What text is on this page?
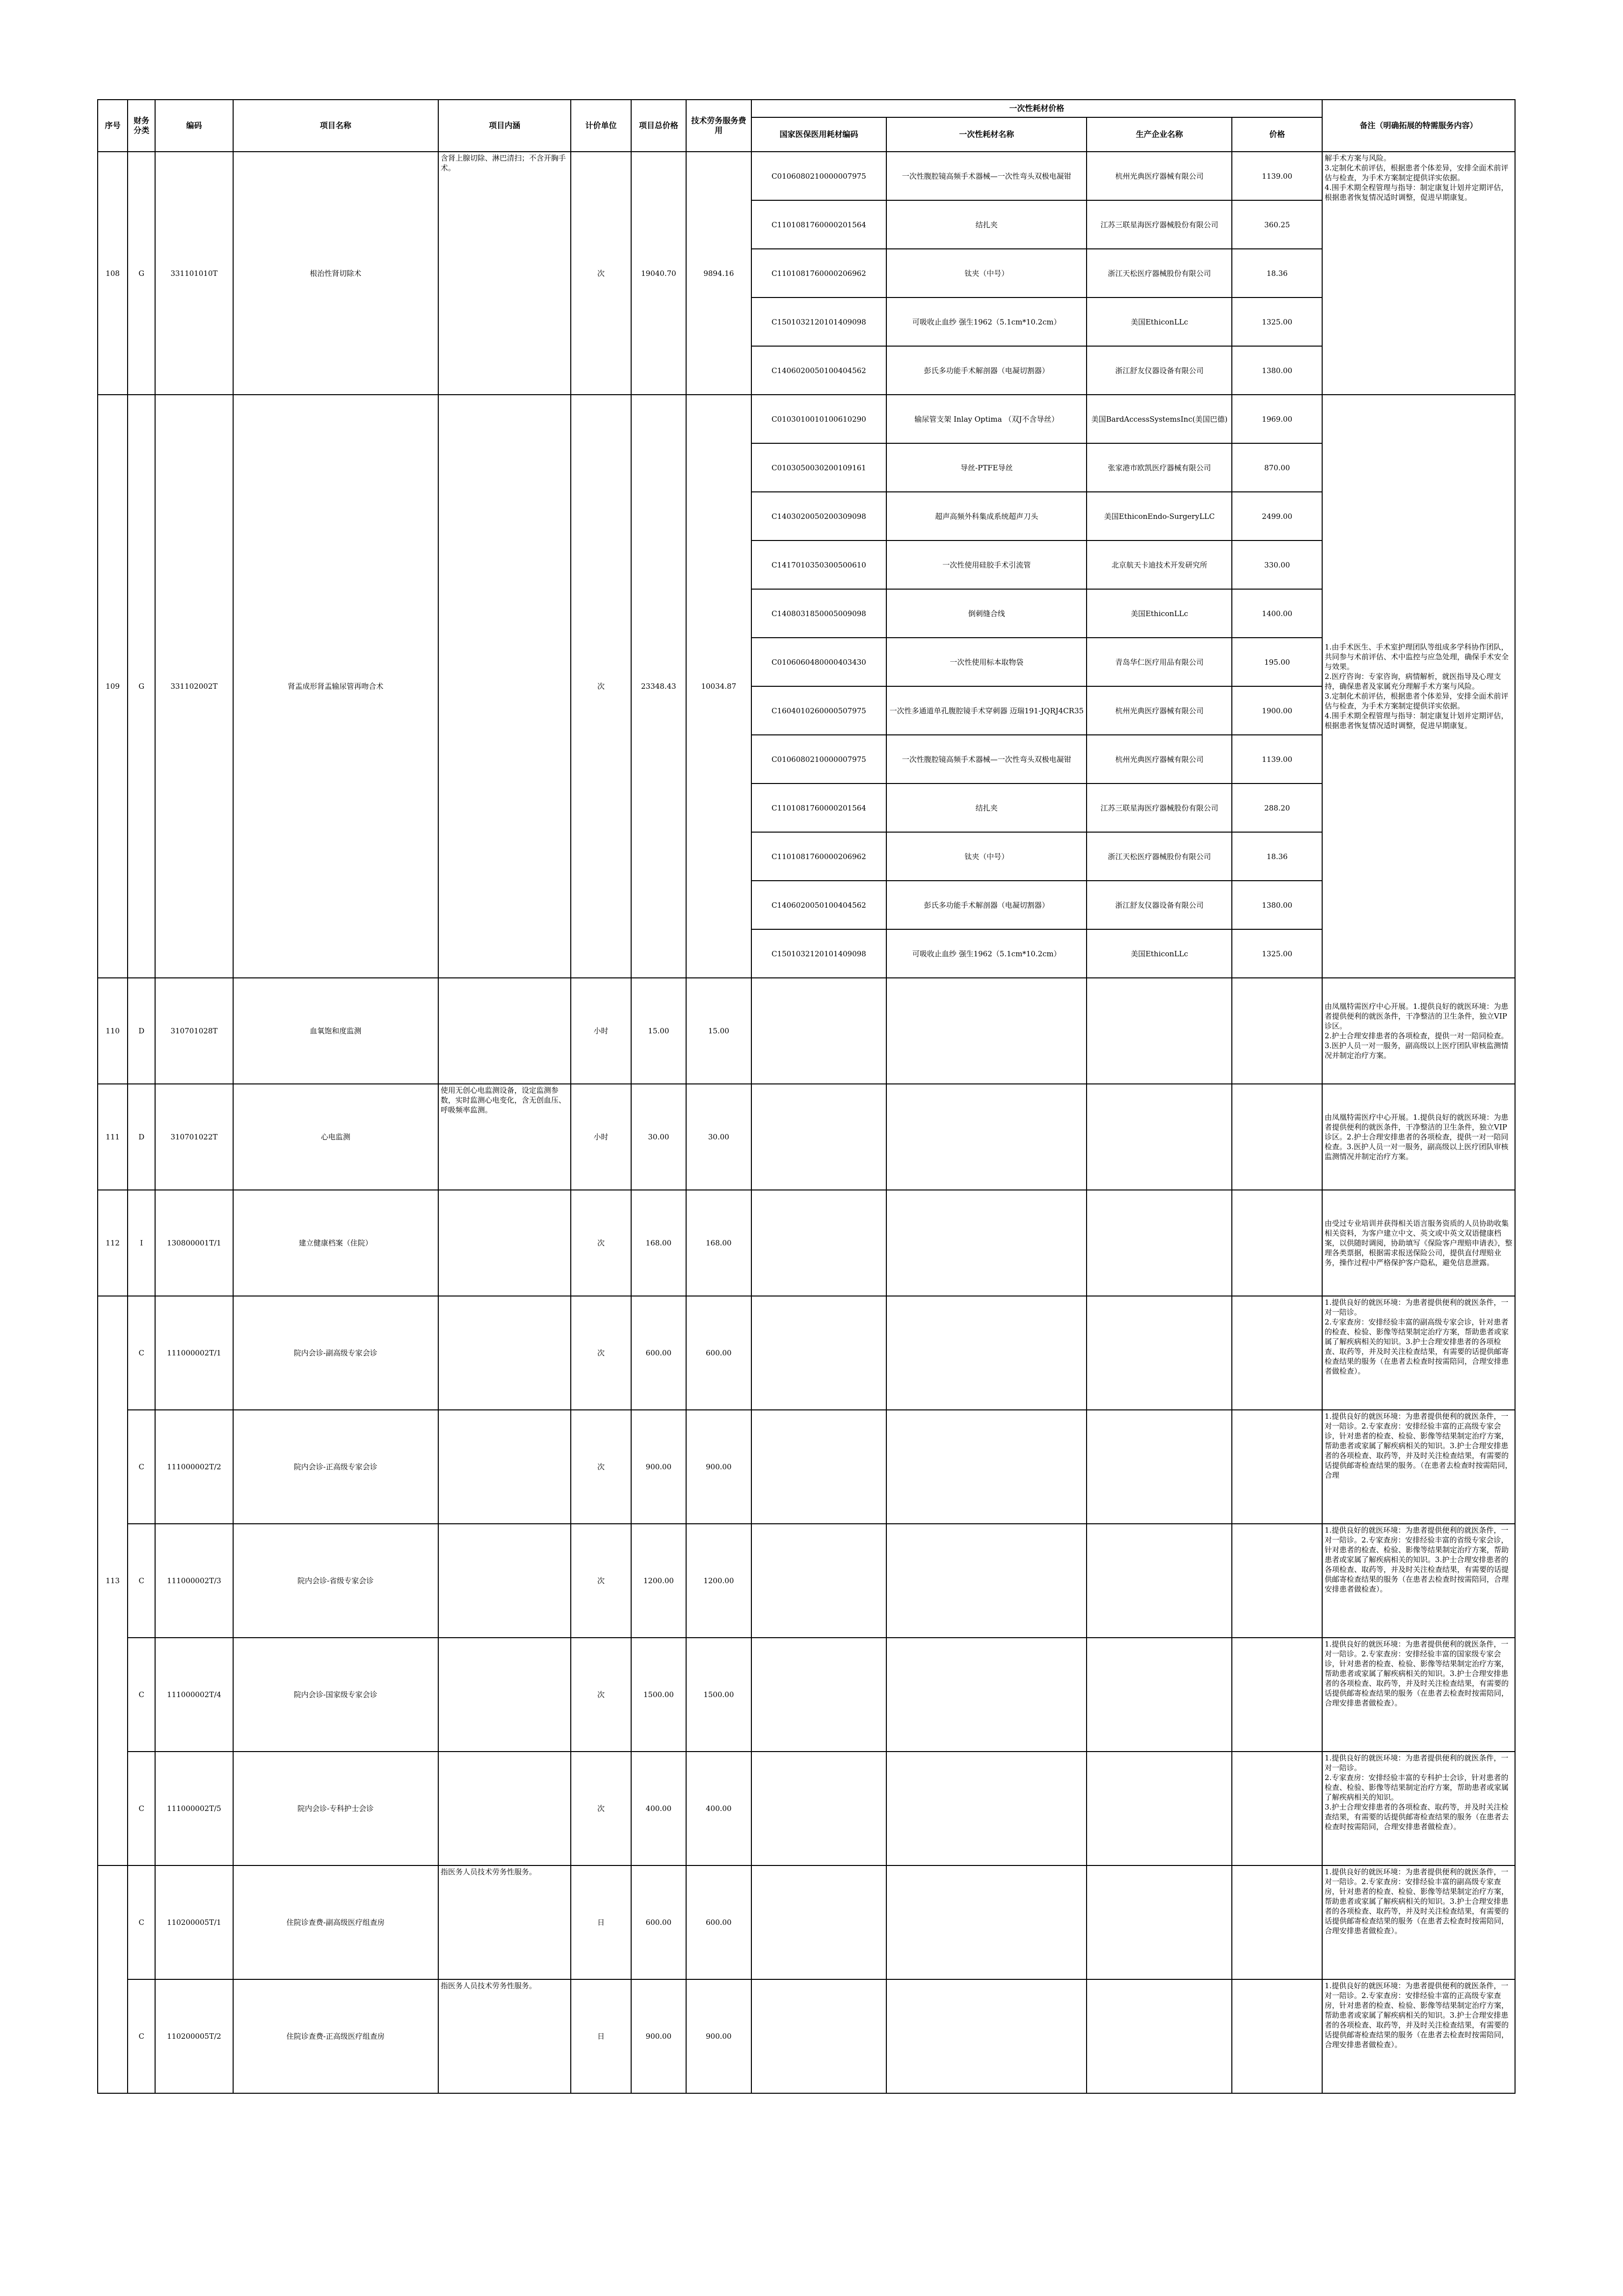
序号	财务分类	编码	项目名称	项目内涵	计价单位	项目总价格	技术劳务服务费用	一次性耗材价格				备注（明确拓展的特需服务内容）
								国家医保医用耗材编码	一次性耗材名称	生产企业名称	价格	
108	G	331101010T	根治性肾切除术	含肾上腺切除、淋巴清扫；不含开胸手术。	次	19040.70	9894.16	C0106080210000007975	一次性腹腔镜高频手术器械—一次性弯头双极电凝钳	杭州光典医疗器械有限公司	1139.00	解手术方案与风险。
3.定制化术前评估，根据患者个体差异，安排全面术前评估与检查，为手术方案制定提供详实依据。
4.围手术期全程管理与指导：制定康复计划并定期评估，根据患者恢复情况适时调整，促进早期康复。
								C1101081760000201564	结扎夹	江苏三联星海医疗器械股份有限公司	360.25	
								C1101081760000206962	钛夹（中号）	浙江天松医疗器械股份有限公司	18.36	
								C1501032120101409098	可吸收止血纱 强生1962（5.1cm*10.2cm）	美国EthiconLLc	1325.00	
								C1406020050100404562	彭氏多功能手术解剖器（电凝切割器）	浙江舒友仪器设备有限公司	1380.00	
109	G	331102002T	肾盂成形肾盂输尿管再吻合术		次	23348.43	10034.87	C0103010010100610290	输尿管支架 Inlay Optima （双J不含导丝）	美国BardAccessSystemsInc(美国巴德)	1969.00	1.由手术医生、手术室护理团队等组成多学科协作团队，共同参与术前评估、术中监控与应急处理，确保手术安全与效果。
2.医疗咨询：专家咨询，病情解析，就医指导及心理支持，确保患者及家属充分理解手术方案与风险。
3.定制化术前评估，根据患者个体差异，安排全面术前评估与检查，为手术方案制定提供详实依据。
4.围手术期全程管理与指导：制定康复计划并定期评估，根据患者恢复情况适时调整，促进早期康复。
								C0103050030200109161	导丝-PTFE导丝	张家港市欧凯医疗器械有限公司	870.00	
								C1403020050200309098	超声高频外科集成系统超声刀头	美国EthiconEndo-SurgeryLLC	2499.00	
								C1417010350300500610	一次性使用硅胶手术引流管	北京航天卡迪技术开发研究所	330.00	
								C1408031850005009098	倒刺缝合线	美国EthiconLLc	1400.00	
								C0106060480000403430	一次性使用标本取物袋	青岛华仁医疗用品有限公司	195.00	
								C1604010260000507975	一次性多通道单孔腹腔镜手术穿刺器 迈瑞191-JQRJ4CR35	杭州光典医疗器械有限公司	1900.00	
								C0106080210000007975	一次性腹腔镜高频手术器械—一次性弯头双极电凝钳	杭州光典医疗器械有限公司	1139.00	
								C1101081760000201564	结扎夹	江苏三联星海医疗器械股份有限公司	288.20	
								C1101081760000206962	钛夹（中号）	浙江天松医疗器械股份有限公司	18.36	
								C1406020050100404562	彭氏多功能手术解剖器（电凝切割器）	浙江舒友仪器设备有限公司	1380.00	
								C1501032120101409098	可吸收止血纱 强生1962（5.1cm*10.2cm）	美国EthiconLLc	1325.00	
110	D	310701028T	血氧饱和度监测		小时	15.00	15.00					由凤凰特需医疗中心开展。1.提供良好的就医环境：为患者提供便利的就医条件，干净整洁的卫生条件，独立VIP诊区。
2.护士合理安排患者的各项检查，提供一对一陪同检查。3.医护人员一对一服务，副高级以上医疗团队审核监测情况并制定治疗方案。
111	D	310701022T	心电监测	使用无创心电监测设备，设定监测参数，实时监测心电变化，含无创血压、呼吸频率监测。	小时	30.00	30.00					由凤凰特需医疗中心开展。1.提供良好的就医环境：为患者提供便利的就医条件，干净整洁的卫生条件，独立VIP诊区。2.护士合理安排患者的各项检查，提供一对一陪同检查。3.医护人员一对一服务，副高级以上医疗团队审核监测情况并制定治疗方案。
112	I	130800001T/1	建立健康档案（住院）		次	168.00	168.00					由受过专业培训并获得相关语言服务资质的人员协助收集相关资料，为客户建立中文、英文或中英文双语健康档案，以供随时调阅，协助填写《保险客户理赔申请表》，整理各类票据，根据需求报送保险公司，提供直付理赔业务，操作过程中严格保护客户隐私，避免信息泄露。
113	C	111000002T/1	院内会诊-副高级专家会诊		次	600.00	600.00					1.提供良好的就医环境：为患者提供便利的就医条件，一对一陪诊。
2.专家查房：安排经验丰富的副高级专家会诊，针对患者的检查、检验、影像等结果制定治疗方案，帮助患者或家属了解疾病相关的知识。3.护士合理安排患者的各项检查、取药等，并及时关注检查结果，有需要的话提供邮寄检查结果的服务（在患者去检查时按需陪同，合理安排患者做检查）。
	C	111000002T/2	院内会诊-正高级专家会诊		次	900.00	900.00					1.提供良好的就医环境：为患者提供便利的就医条件，一对一陪诊。2.专家查房：安排经验丰富的正高级专家会诊，针对患者的检查、检验、影像等结果制定治疗方案，帮助患者或家属了解疾病相关的知识。3.护士合理安排患者的各项检查、取药等，并及时关注检查结果，有需要的话提供邮寄检查结果的服务。（在患者去检查时按需陪同，合理
	C	111000002T/3	院内会诊-省级专家会诊		次	1200.00	1200.00					1.提供良好的就医环境：为患者提供便利的就医条件，一对一陪诊。2.专家查房：安排经验丰富的省级专家会诊，针对患者的检查、检验、影像等结果制定治疗方案，帮助患者或家属了解疾病相关的知识。3.护士合理安排患者的各项检查、取药等，并及时关注检查结果，有需要的话提供邮寄检查结果的服务（在患者去检查时按需陪同，合理安排患者做检查）。
	C	111000002T/4	院内会诊-国家级专家会诊		次	1500.00	1500.00					1.提供良好的就医环境：为患者提供便利的就医条件，一对一陪诊。2.专家查房：安排经验丰富的国家级专家会诊，针对患者的检查、检验、影像等结果制定治疗方案，帮助患者或家属了解疾病相关的知识。3.护士合理安排患者的各项检查、取药等，并及时关注检查结果，有需要的话提供邮寄检查结果的服务（在患者去检查时按需陪同，合理安排患者做检查）。
	C	111000002T/5	院内会诊-专科护士会诊		次	400.00	400.00					1.提供良好的就医环境：为患者提供便利的就医条件，一对一陪诊。
2.专家查房：安排经验丰富的专科护士会诊，针对患者的检查、检验、影像等结果制定治疗方案，帮助患者或家属了解疾病相关的知识。
3.护士合理安排患者的各项检查、取药等，并及时关注检查结果，有需要的话提供邮寄检查结果的服务（在患者去检查时按需陪同，合理安排患者做检查）。
	C	110200005T/1	住院诊查费-副高级医疗组查房	指医务人员技术劳务性服务。	日	600.00	600.00					1.提供良好的就医环境：为患者提供便利的就医条件，一对一陪诊。2.专家查房：安排经验丰富的副高级专家查房，针对患者的检查、检验、影像等结果制定治疗方案，帮助患者或家属了解疾病相关的知识。3.护士合理安排患者的各项检查、取药等，并及时关注检查结果，有需要的话提供邮寄检查结果的服务（在患者去检查时按需陪同，合理安排患者做检查）。
	C	110200005T/2	住院诊查费-正高级医疗组查房	指医务人员技术劳务性服务。	日	900.00	900.00					1.提供良好的就医环境：为患者提供便利的就医条件，一对一陪诊。2.专家查房：安排经验丰富的正高级专家查房，针对患者的检查、检验、影像等结果制定治疗方案，帮助患者或家属了解疾病相关的知识。3.护士合理安排患者的各项检查、取药等，并及时关注检查结果，有需要的话提供邮寄检查结果的服务（在患者去检查时按需陪同，合理安排患者做检查）。
